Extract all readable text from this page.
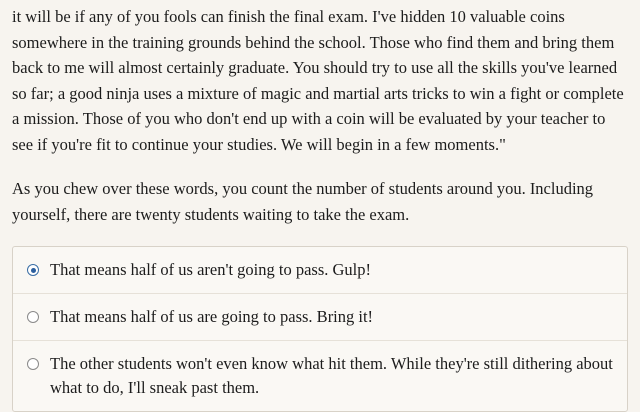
it will be if any of you fools can finish the final exam. I've hidden 10 valuable coins somewhere in the training grounds behind the school. Those who find them and bring them back to me will almost certainly graduate. You should try to use all the skills you've learned so far; a good ninja uses a mixture of magic and martial arts tricks to win a fight or complete a mission. Those of you who don't end up with a coin will be evaluated by your teacher to see if you're fit to continue your studies. We will begin in a few moments."

As you chew over these words, you count the number of students around you. Including yourself, there are twenty students waiting to take the exam.

That means half of us aren't going to pass. Gulp!
That means half of us are going to pass. Bring it!
The other students won't even know what hit them. While they're still dithering about what to do, I'll sneak past them.
